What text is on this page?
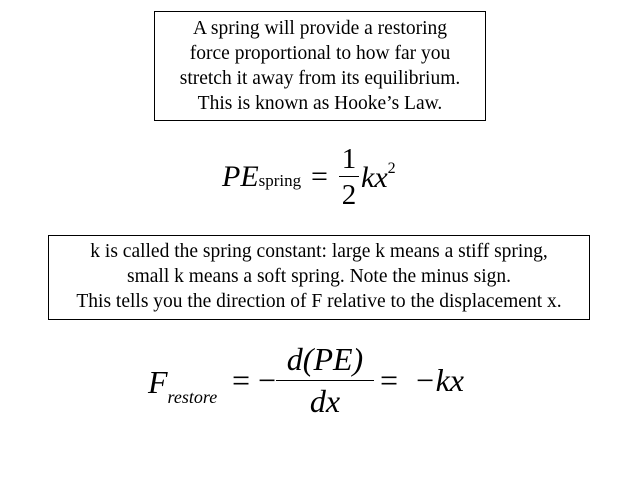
A spring will provide a restoring
force proportional to how far you
stretch it away from its equilibrium.
This is known as Hooke’s Law.
PEspring =
1
2
$kx^2$
k is called the spring constant: large k means a stiff spring,
small k means a soft spring. Note the minus sign.
This tells you the direction of F relative to the displacement x.
$F_{restore}$ = −
d(PE)
dx
= −kx
